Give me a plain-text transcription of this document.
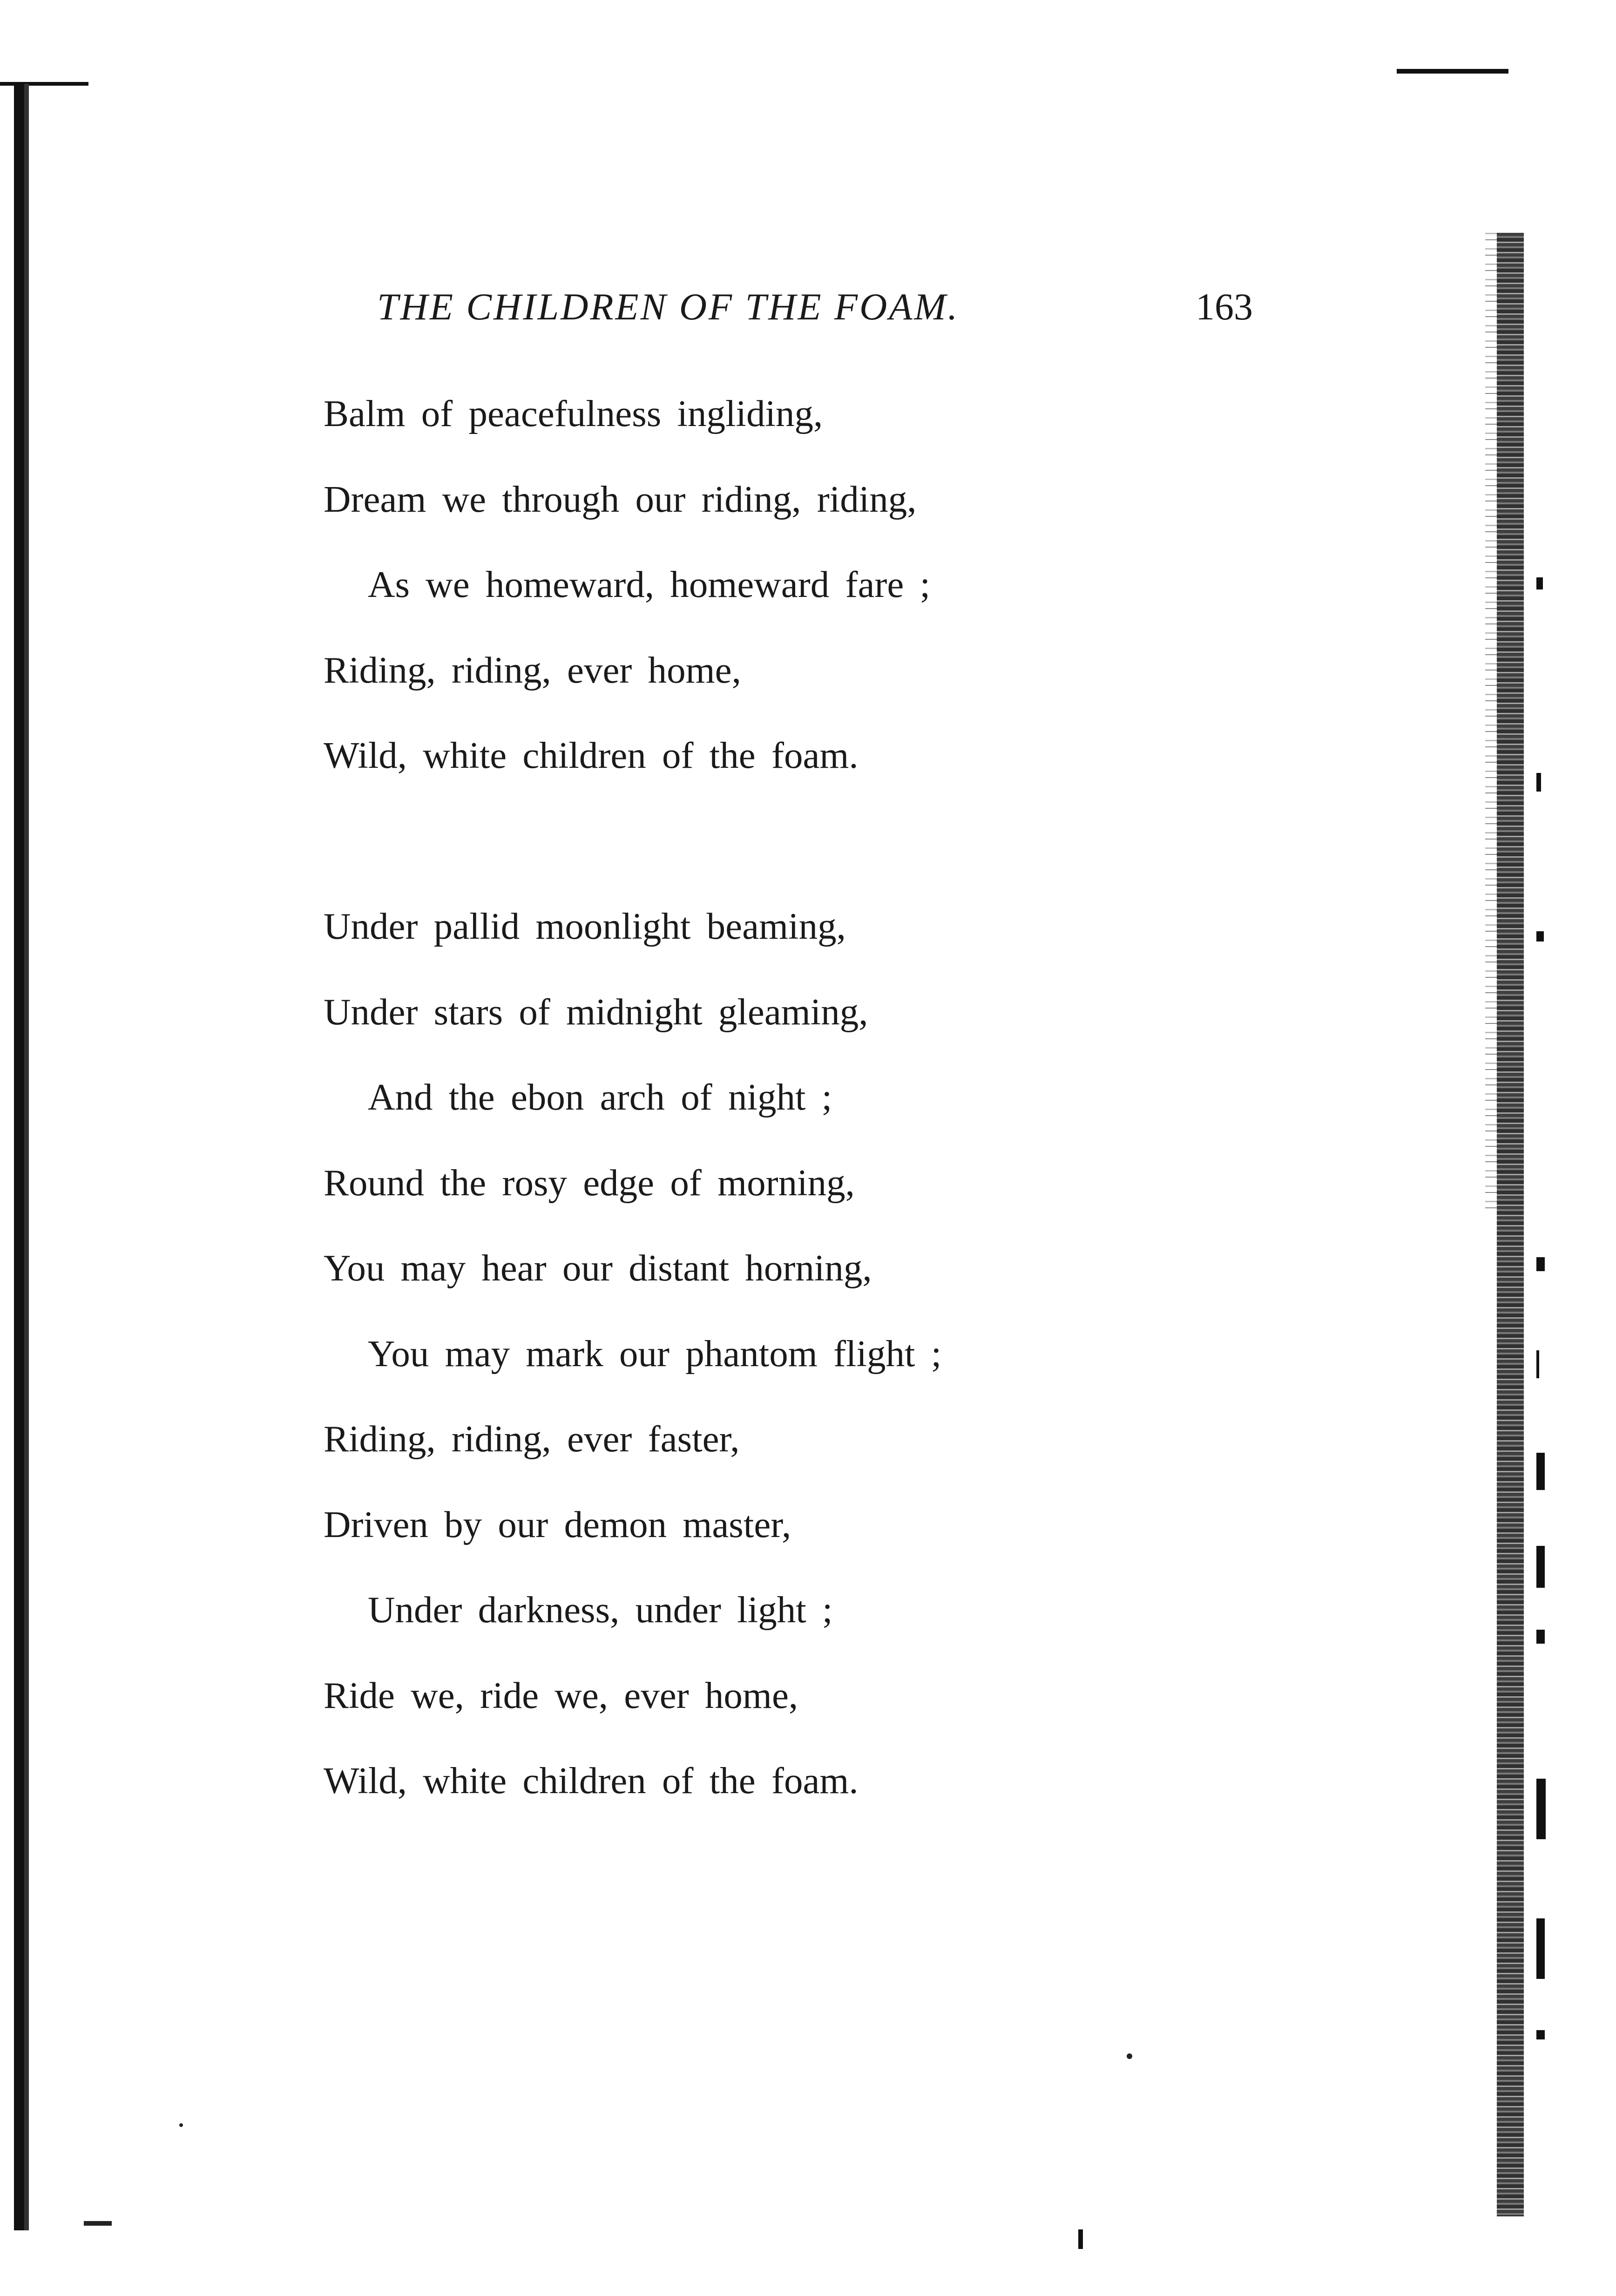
THE CHILDREN OF THE FOAM.	163
Balm of peacefulness ingliding,
Dream we through our riding, riding,
As we homeward, homeward fare ;
Riding, riding, ever home,
Wild, white children of the foam.
Under pallid moonlight beaming,
Under stars of midnight gleaming,
And the ebon arch of night ;
Round the rosy edge of morning,
You may hear our distant horning,
You may mark our phantom flight ;
Riding, riding, ever faster,
Driven by our demon master,
Under darkness, under light ;
Ride we, ride we, ever home,
Wild, white children of the foam.
